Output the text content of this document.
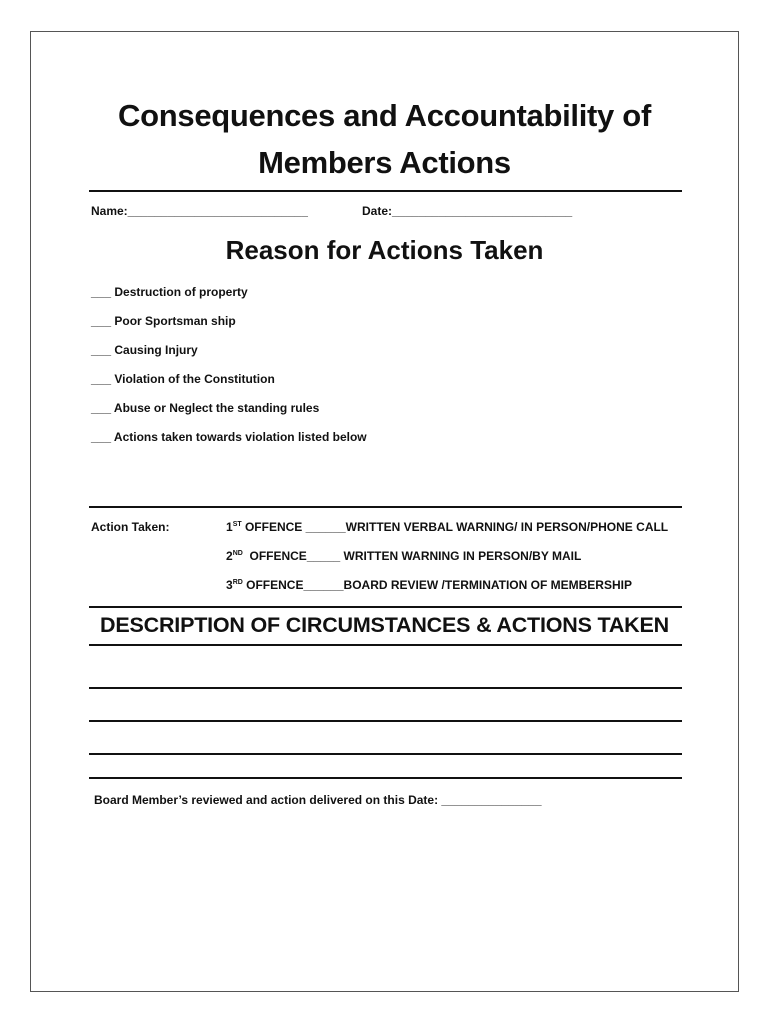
Consequences and Accountability of
Members Actions
Name:___________________________	Date:___________________________
Reason for Actions Taken
___ Destruction of property
___ Poor Sportsman ship
___ Causing Injury
___ Violation of the Constitution
___ Abuse or Neglect the standing rules
___ Actions taken towards violation listed below
Action Taken:	1ST OFFENCE ______WRITTEN VERBAL WARNING/ IN PERSON/PHONE CALL
2ND  OFFENCE_____ WRITTEN WARNING IN PERSON/BY MAIL
3RD OFFENCE______BOARD REVIEW /TERMINATION OF MEMBERSHIP
DESCRIPTION OF CIRCUMSTANCES & ACTIONS TAKEN
Board Member’s reviewed and action delivered on this Date: _______________
